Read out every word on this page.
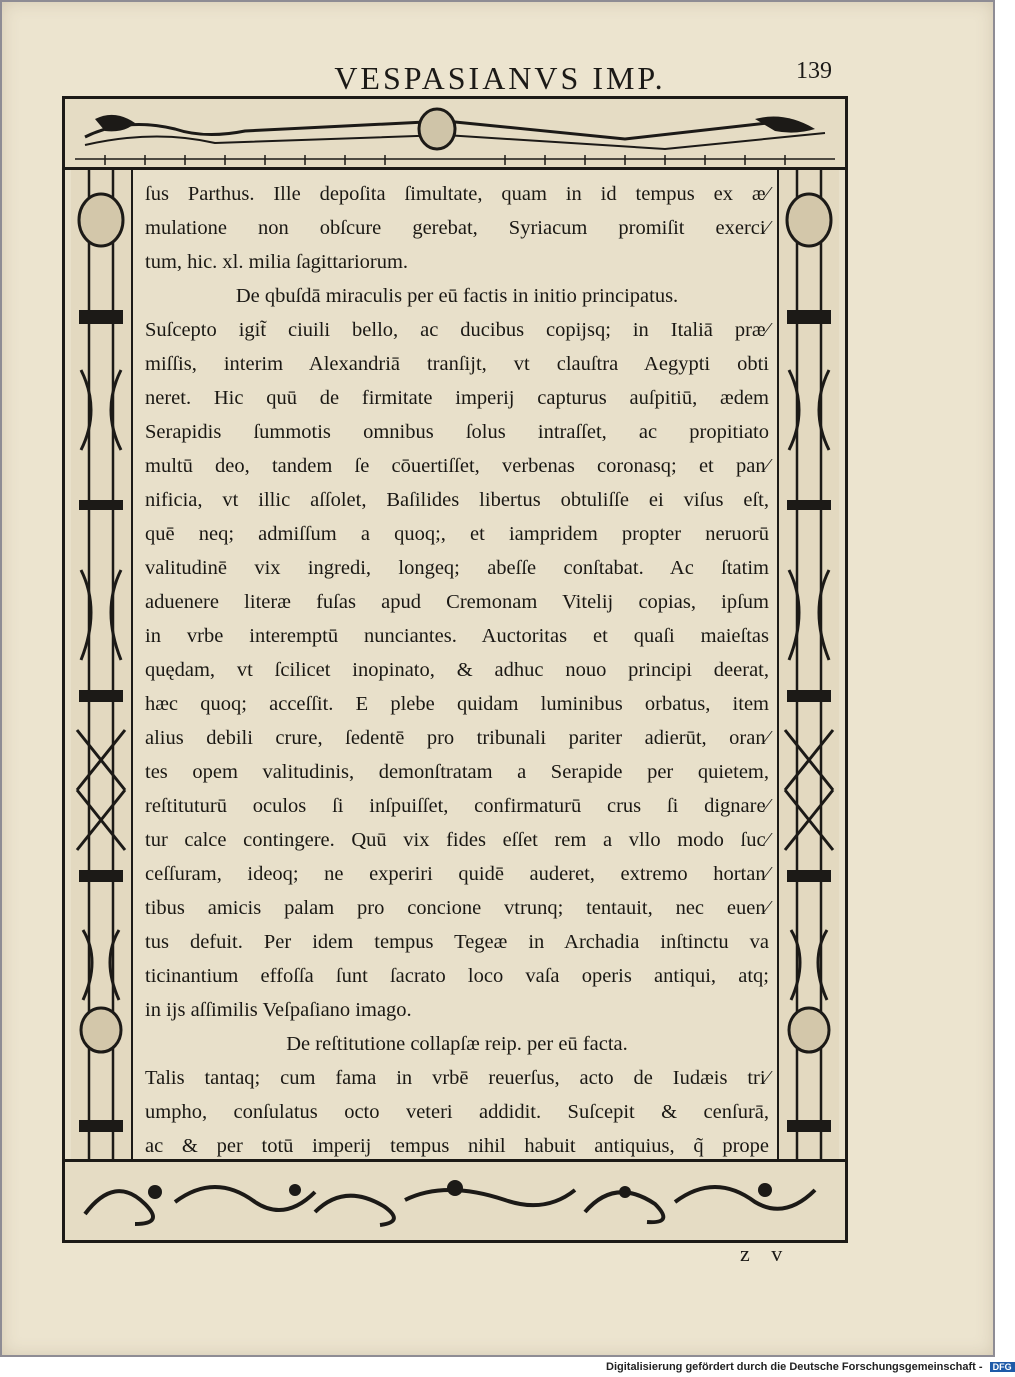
VESPASIANVS IMP.	139
ſus Parthus. Ille depoſita ſimultate, quam in id tempus ex æ⁄
mulatione non obſcure gerebat, Syriacum promiſit exerci⁄
tum, hic. xl. milia ſagittariorum.
De qbuſdā miraculis per eū factis in initio principatus.
Suſcepto igit̃ ciuili bello, ac ducibus copijsq; in Italiā præ⁄
miſſis, interim Alexandriā tranſijt, vt clauſtra Aegypti obti
neret. Hic quū de firmitate imperij capturus auſpitiū, ædem
Serapidis ſummotis omnibus ſolus intraſſet, ac propitiato
multū deo, tandem ſe cōuertiſſet, verbenas coronasq; et pan⁄
nificia, vt illic aſſolet, Baſilides libertus obtuliſſe ei viſus eſt,
quē neq; admiſſum a quoq;, et iampridem propter neruorū
valitudinē vix ingredi, longeq; abeſſe conſtabat. Ac ſtatim
aduenere literæ fuſas apud Cremonam Vitelij copias, ipſum
in vrbe interemptū nunciantes. Auctoritas et quaſi maieſtas
quędam, vt ſcilicet inopinato, & adhuc nouo principi deerat,
hæc quoq; acceſſit. E plebe quidam luminibus orbatus, item
alius debili crure, ſedentē pro tribunali pariter adierūt, oran⁄
tes opem valitudinis, demonſtratam a Serapide per quietem,
reſtituturū oculos ſi inſpuiſſet, confirmaturū crus ſi dignare⁄
tur calce contingere. Quū vix fides eſſet rem a vllo modo ſuc⁄
ceſſuram, ideoq; ne experiri quidē auderet, extremo hortan⁄
tibus amicis palam pro concione vtrunq; tentauit, nec euen⁄
tus defuit. Per idem tempus Tegeæ in Archadia inſtinctu va
ticinantium effoſſa ſunt ſacrato loco vaſa operis antiqui, atq;
in ijs aſſimilis Veſpaſiano imago.
De reſtitutione collapſæ reip. per eū facta.
Talis tantaq; cum fama in vrbē reuerſus, acto de Iudæis tri⁄
umpho, conſulatus octo veteri addidit. Suſcepit & cenſurā,
ac & per totū imperij tempus nihil habuit antiquius, q̃ prope
z v
Digitalisierung gefördert durch die Deutsche Forschungsgemeinschaft - DFG
